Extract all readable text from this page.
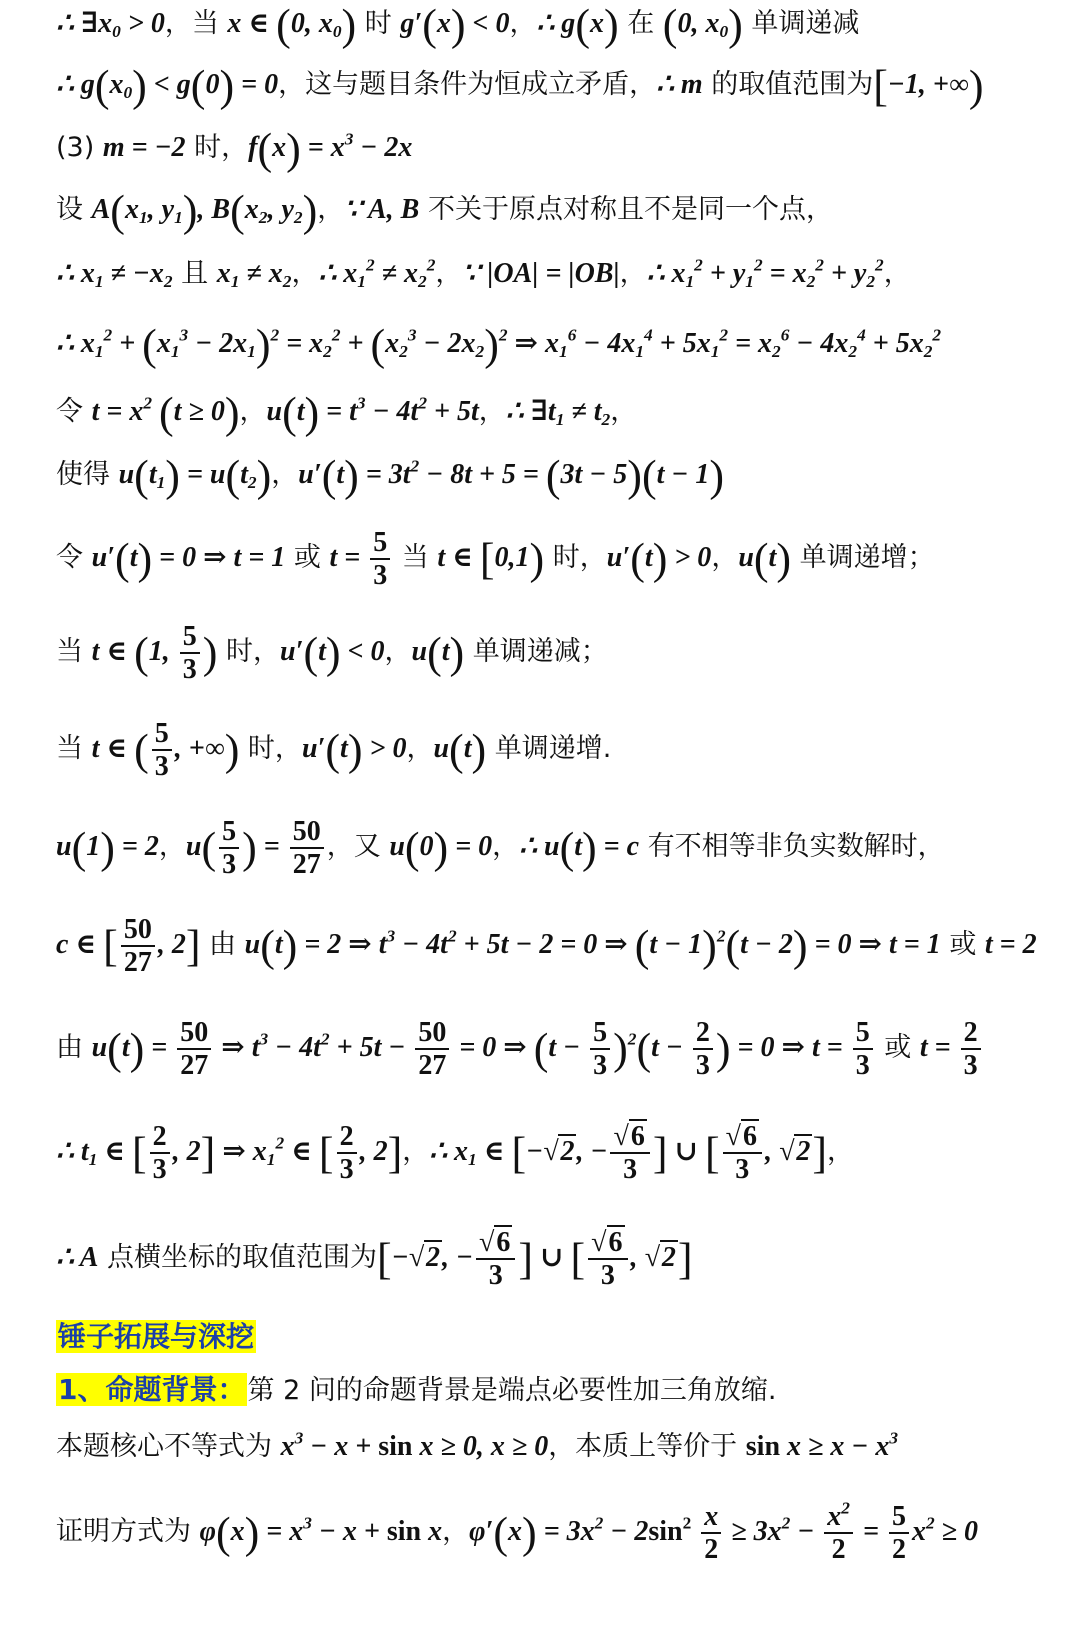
∴ $\exists x_0 > 0$，当 x ∈ (0, $x_0$) 时 g′(x) < 0，∴ g(x) 在 (0, $x_0$) 单调递减
∴ $g(x_0) < g(0) = 0$，这与题目条件为恒成立矛盾，∴ m 的取值范围为[−1, +∞)
(3) m = −2 时，$f(x) = x^3 - 2x$
设 $A(x_1$, $y_1$), $B(x_2$, $y_2$)，∵ A, B 不关于原点对称且不是同一个点，
∴ $x_1 \ne -x_2$ 且 $x_1 \ne x_2$，∴ $x_1^2 \ne x_2^2$，∵ |OA| = |OB|，∴ $x_1^2 + y_1^2 = x_2^2 + y_2^2$，
∴ $x_1^2 + (x_1^3 - 2x_1)^2 = x_2^2 + (x_2^3 - 2x_2)^2$ ⇒ $x_1^6 - 4x_1^4 + 5x_1^2 = x_2^6 - 4x_2^4 + 5x_2^2$
令 $t = x^2$ (t ≥ 0)，$u(t) = t^3 - 4t^2 + 5t$，∴ $\exists t_1 \ne t_2$，
使得 $u(t_1) = u(t_2)$，$u'(t) = 3t^2 - 8t + 5 = (3t - 5)(t - 1)$
令 u′(t) = 0 ⇒ t = 1 或 $t = \frac{5}{3}$ 当 t ∈ [0,1) 时，u′(t) > 0，u(t) 单调递增；
当 t ∈ (1, $\frac{5}{3}$ ) 时，u′(t) < 0，u(t) 单调递减；
当 t ∈ ( $\frac{5}{3}$ , +∞) 时，u′(t) > 0，u(t) 单调递增.
u(1) = 2，$u( \frac{5}{3}$ ) = $\frac{50}{27}$ ，又 u(0) = 0，∴ u(t) = c 有不相等非负实数解时，
c ∈ [ $\frac{50}{27}$ , 2] 由 u(t) = 2 ⇒ $t^3 - 4t^2 + 5t - 2 = 0$ ⇒ $(t - 1)^2(t - 2) = 0$ ⇒ t = 1 或 t = 2
由 $u(t) = \frac{50}{27}$ ⇒ $t^3 - 4t^2 + 5t - \frac{50}{27} = 0$ ⇒ $(t - \frac{5}{3} )^2(t - \frac{2}{3}$ ) = 0 ⇒ $t = \frac{5}{3}$ 或 $t = \frac{2}{3}$
∴ $t_1$ ∈ [ $\frac{2}{3}$ , 2] ⇒ $x_1^2$ ∈ [ $\frac{2}{3}$ , 2]，∴ $x_1$ ∈ [−√2, − $\frac{√6}{3}$ ] ∪ [ $\frac{√6}{3}$ , √2]，
∴ A 点横坐标的取值范围为[−√2, − $\frac{√6}{3}$ ] ∪ [ $\frac{√6}{3}$ , √2]
锤子拓展与深挖
1、命题背景：第 2 问的命题背景是端点必要性加三角放缩.
本题核心不等式为 $x^3 - x + \sin x \ge 0$, x ≥ 0，本质上等价于 $\sin x \ge x - x^3$
证明方式为 $\varphi(x) = x^3 - x + \sin x$，$\varphi'(x) = 3x^2 - 2\sin^2 \frac{x}{2} \ge 3x^2 - \frac{x^2}{2} = \frac{5}{2} x^2 \ge 0$
